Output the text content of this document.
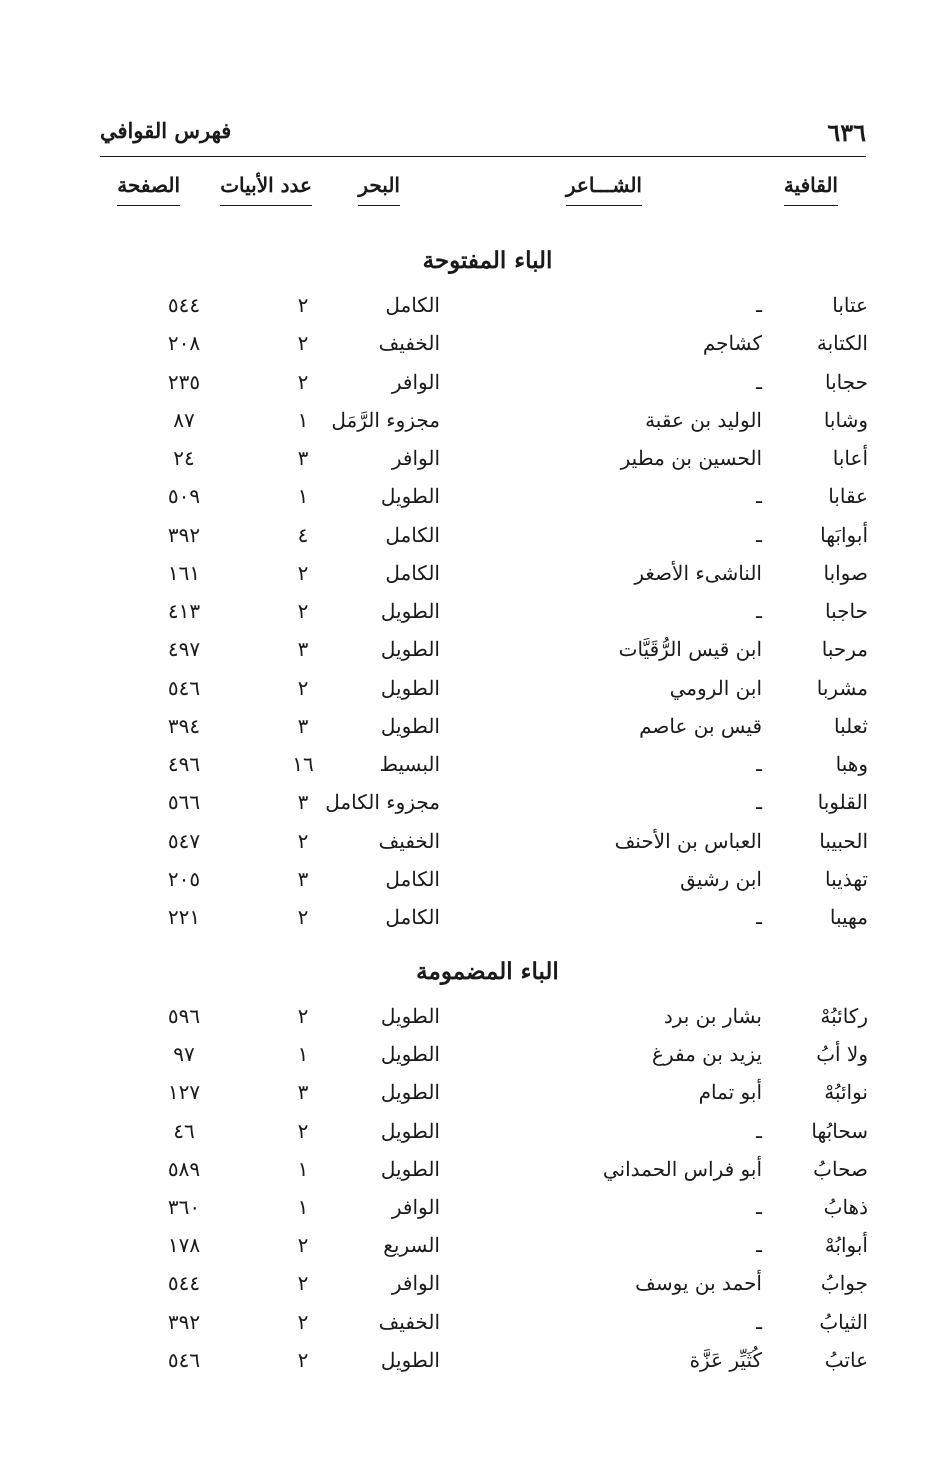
٦٣٦
فهرس القوافي
القافية
الشـــاعر
البحر
عدد الأبيات
الصفحة
الباء المفتوحة
عتابا
ـ
الكامل
٢
٥٤٤
الكتابة
كشاجم
الخفيف
٢
٢٠٨
حجابا
ـ
الوافر
٢
٢٣٥
وشابا
الوليد بن عقبة
مجزوء الرَّمَل
١
٨٧
أعابا
الحسين بن مطير
الوافر
٣
٢٤
عقابا
ـ
الطويل
١
٥٠٩
أبوابَها
ـ
الكامل
٤
٣٩٢
صوابا
الناشىء الأصغر
الكامل
٢
١٦١
حاجبا
ـ
الطويل
٢
٤١٣
مرحبا
ابن قيس الرُّقَيَّات
الطويل
٣
٤٩٧
مشربا
ابن الرومي
الطويل
٢
٥٤٦
ثعلبا
قيس بن عاصم
الطويل
٣
٣٩٤
وهبا
ـ
البسيط
١٦
٤٩٦
القلوبا
ـ
مجزوء الكامل
٣
٥٦٦
الحبيبا
العباس بن الأحنف
الخفيف
٢
٥٤٧
تهذيبا
ابن رشيق
الكامل
٣
٢٠٥
مهيبا
ـ
الكامل
٢
٢٢١
الباء المضمومة
ركائبُهْ
بشار بن برد
الطويل
٢
٥٩٦
ولا أبُ
يزيد بن مفرغ
الطويل
١
٩٧
نوائبُهْ
أبو تمام
الطويل
٣
١٢٧
سحابُها
ـ
الطويل
٢
٤٦
صحابُ
أبو فراس الحمداني
الطويل
١
٥٨٩
ذهابُ
ـ
الوافر
١
٣٦٠
أبوابُهْ
ـ
السريع
٢
١٧٨
جوابُ
أحمد بن يوسف
الوافر
٢
٥٤٤
الثيابُ
ـ
الخفيف
٢
٣٩٢
عاتبُ
كُثَيِّر عَزَّة
الطويل
٢
٥٤٦
